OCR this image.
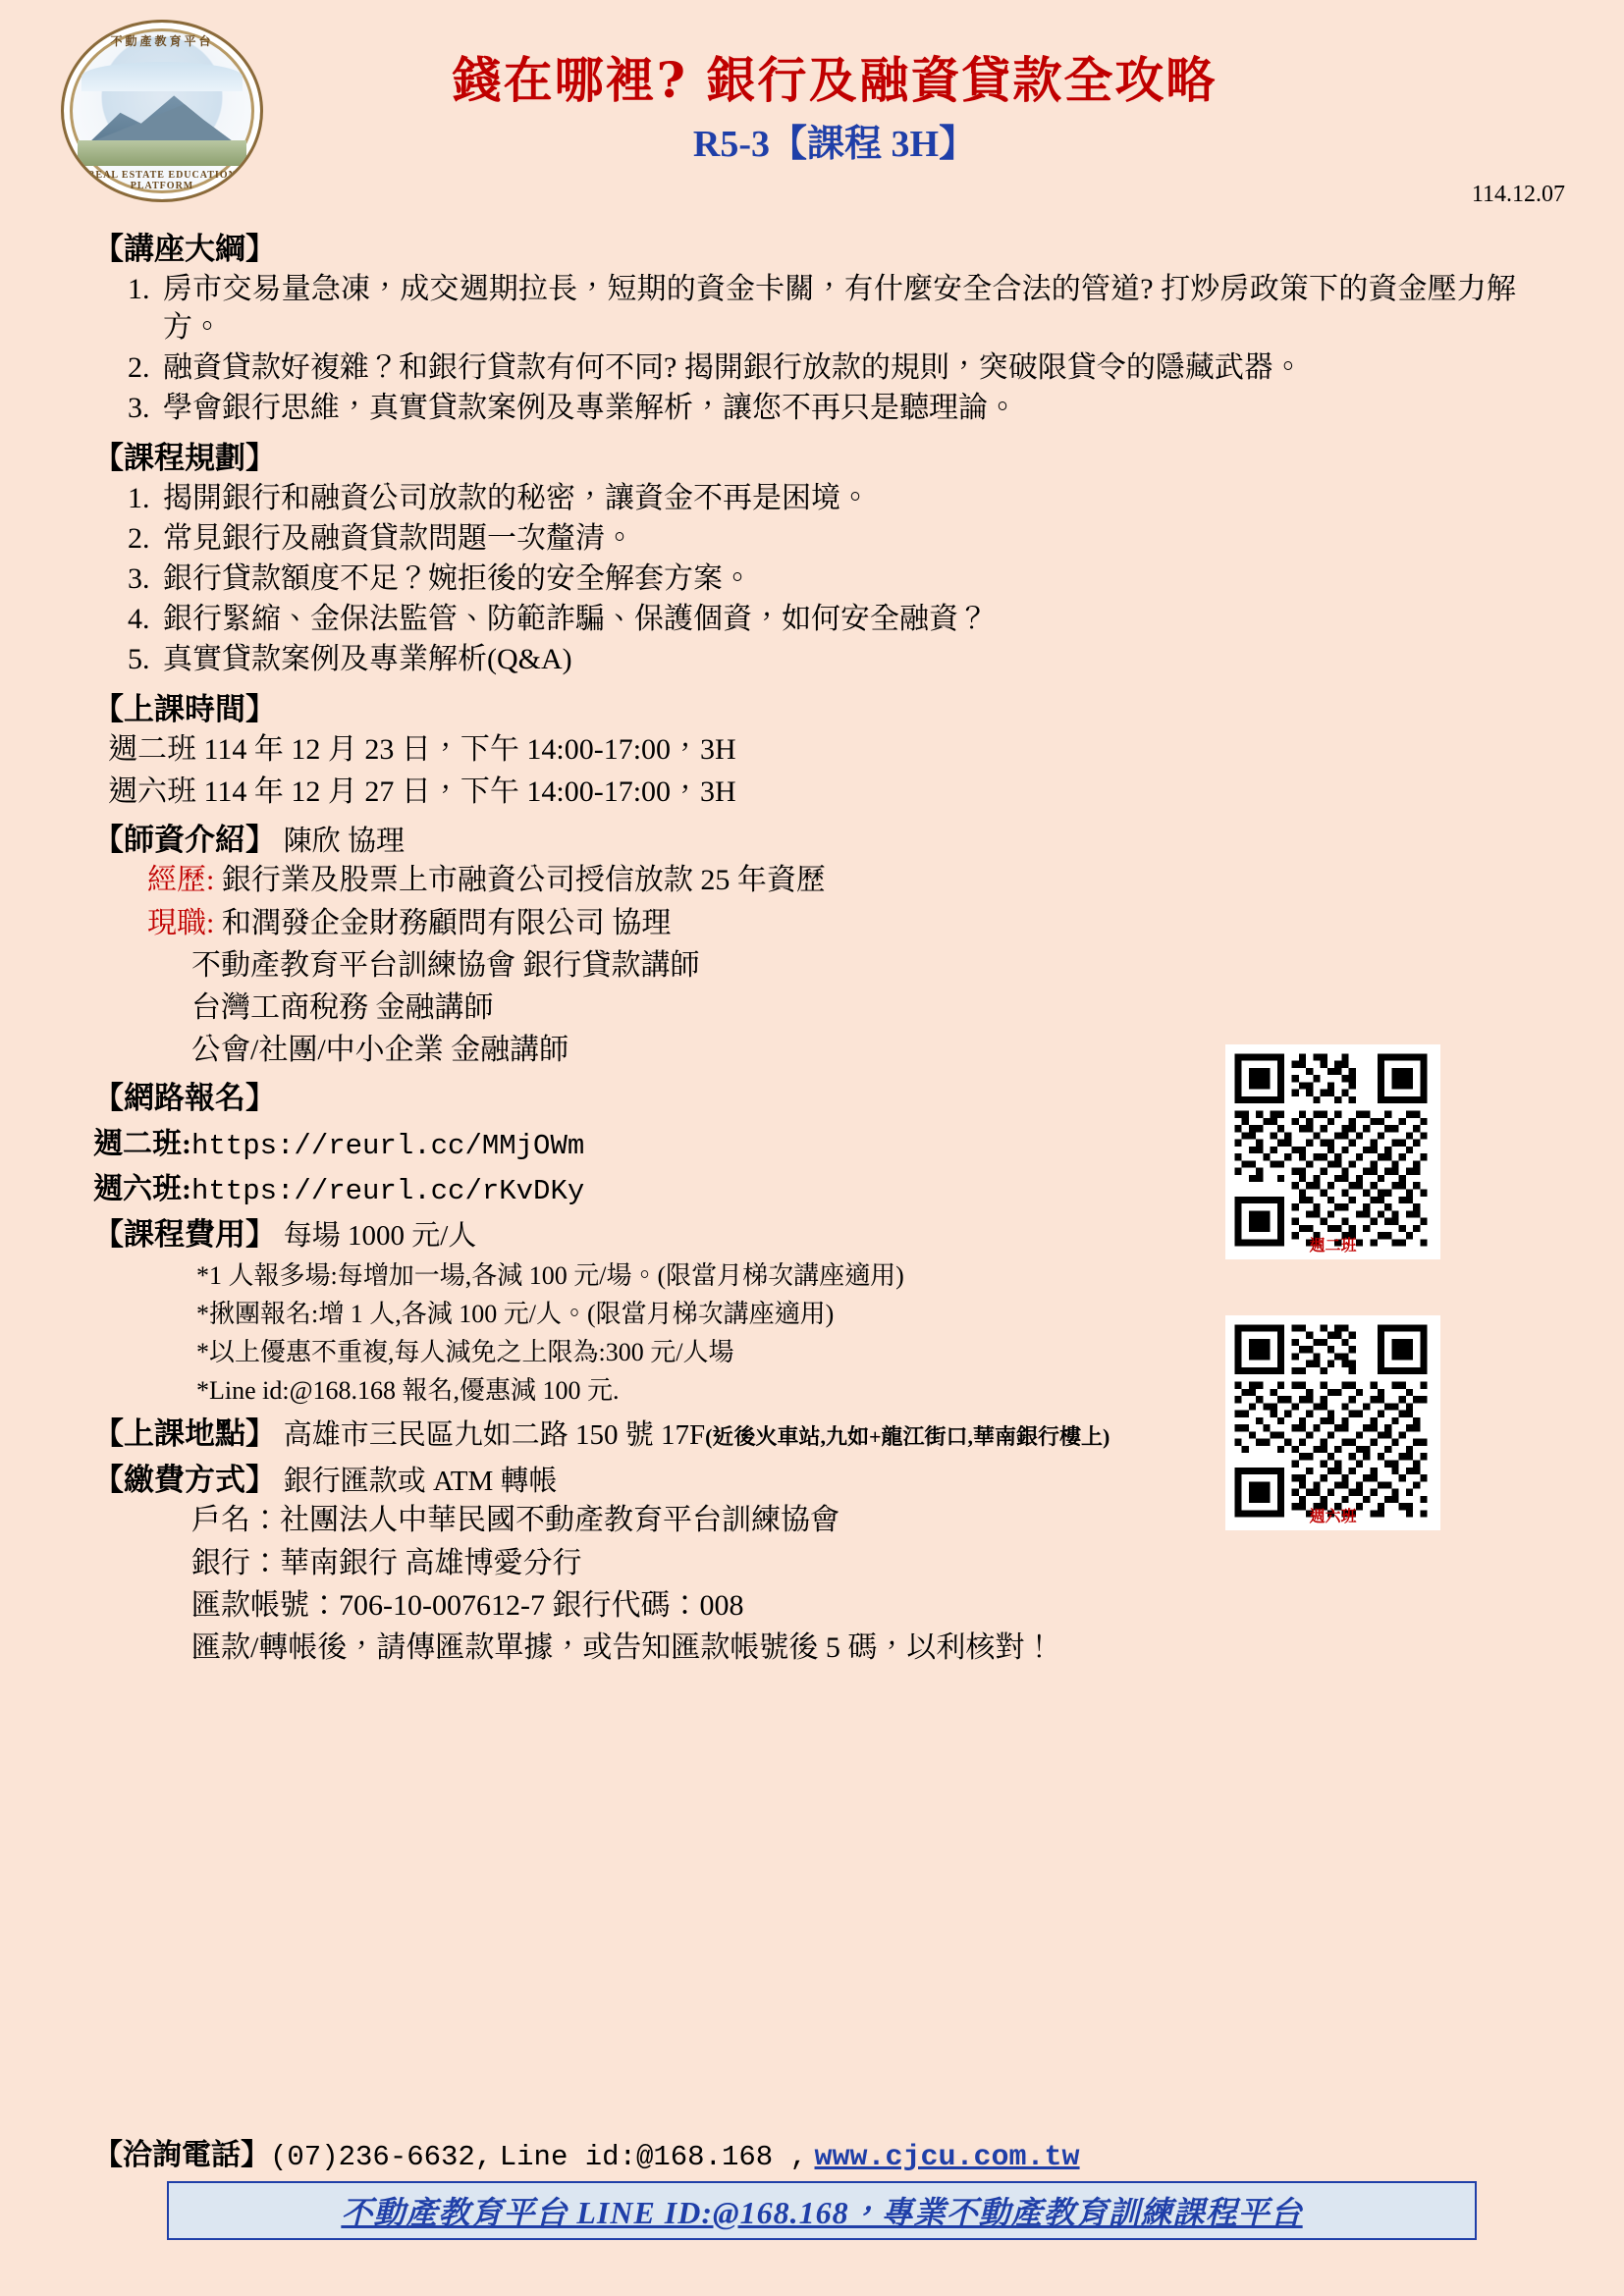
不動產教育平台
REAL ESTATE EDUCATION PLATFORM
錢在哪裡? 銀行及融資貸款全攻略
R5-3【課程 3H】
114.12.07
週二班
週六班
【講座大綱】
1. 房市交易量急凍，成交週期拉長，短期的資金卡關，有什麼安全合法的管道? 打炒房政策下的資金壓力解方。
2. 融資貸款好複雜？和銀行貸款有何不同? 揭開銀行放款的規則，突破限貸令的隱藏武器。
3. 學會銀行思維，真實貸款案例及專業解析，讓您不再只是聽理論。
【課程規劃】
1. 揭開銀行和融資公司放款的秘密，讓資金不再是困境。
2. 常見銀行及融資貸款問題一次釐清。
3. 銀行貸款額度不足？婉拒後的安全解套方案。
4. 銀行緊縮、金保法監管、防範詐騙、保護個資，如何安全融資？
5. 真實貸款案例及專業解析(Q&A)
【上課時間】
週二班 114 年 12 月 23 日，下午 14:00-17:00，3H
週六班 114 年 12 月 27 日，下午 14:00-17:00，3H
【師資介紹】 陳欣 協理
經歷: 銀行業及股票上市融資公司授信放款 25 年資歷
現職: 和潤發企金財務顧問有限公司 協理
不動產教育平台訓練協會 銀行貸款講師
台灣工商稅務 金融講師
公會/社團/中小企業 金融講師
【網路報名】
週二班:https://reurl.cc/MMjOWm
週六班:https://reurl.cc/rKvDKy
【課程費用】 每場 1000 元/人
*1 人報多場:每增加一場,各減 100 元/場。(限當月梯次講座適用)
*揪團報名:增 1 人,各減 100 元/人。(限當月梯次講座適用)
*以上優惠不重複,每人減免之上限為:300 元/人場
*Line id:@168.168 報名,優惠減 100 元.
【上課地點】 高雄市三民區九如二路 150 號 17F(近後火車站,九如+龍江街口,華南銀行樓上)
【繳費方式】 銀行匯款或 ATM 轉帳
戶名：社團法人中華民國不動產教育平台訓練協會
銀行：華南銀行 高雄博愛分行
匯款帳號：706-10-007612-7 銀行代碼：008
匯款/轉帳後，請傳匯款單據，或告知匯款帳號後 5 碼，以利核對！
【洽詢電話】(07)236-6632, Line id:@168.168 , www.cjcu.com.tw
不動產教育平台 LINE ID:@168.168，專業不動產教育訓練課程平台
